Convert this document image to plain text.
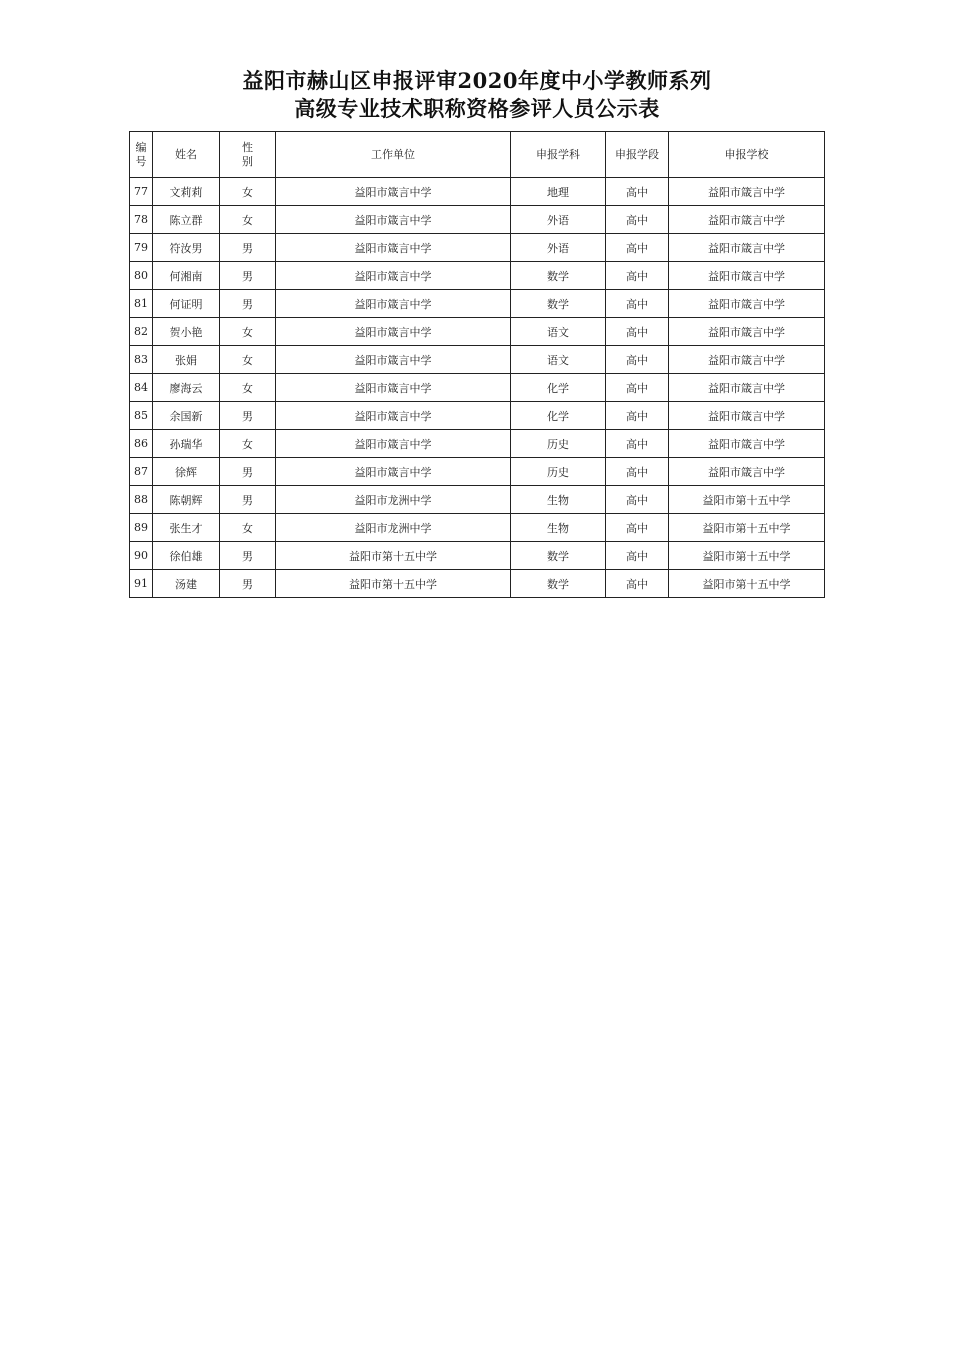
益阳市赫山区申报评审2020年度中小学教师系列
高级专业技术职称资格参评人员公示表
编号	姓名	性别	工作单位	申报学科	申报学段	申报学校
77	文莉莉	女	益阳市箴言中学	地理	高中	益阳市箴言中学
78	陈立群	女	益阳市箴言中学	外语	高中	益阳市箴言中学
79	符汝男	男	益阳市箴言中学	外语	高中	益阳市箴言中学
80	何湘南	男	益阳市箴言中学	数学	高中	益阳市箴言中学
81	何证明	男	益阳市箴言中学	数学	高中	益阳市箴言中学
82	贺小艳	女	益阳市箴言中学	语文	高中	益阳市箴言中学
83	张娟	女	益阳市箴言中学	语文	高中	益阳市箴言中学
84	廖海云	女	益阳市箴言中学	化学	高中	益阳市箴言中学
85	余国新	男	益阳市箴言中学	化学	高中	益阳市箴言中学
86	孙瑞华	女	益阳市箴言中学	历史	高中	益阳市箴言中学
87	徐辉	男	益阳市箴言中学	历史	高中	益阳市箴言中学
88	陈朝辉	男	益阳市龙洲中学	生物	高中	益阳市第十五中学
89	张生才	女	益阳市龙洲中学	生物	高中	益阳市第十五中学
90	徐伯雄	男	益阳市第十五中学	数学	高中	益阳市第十五中学
91	汤建	男	益阳市第十五中学	数学	高中	益阳市第十五中学
